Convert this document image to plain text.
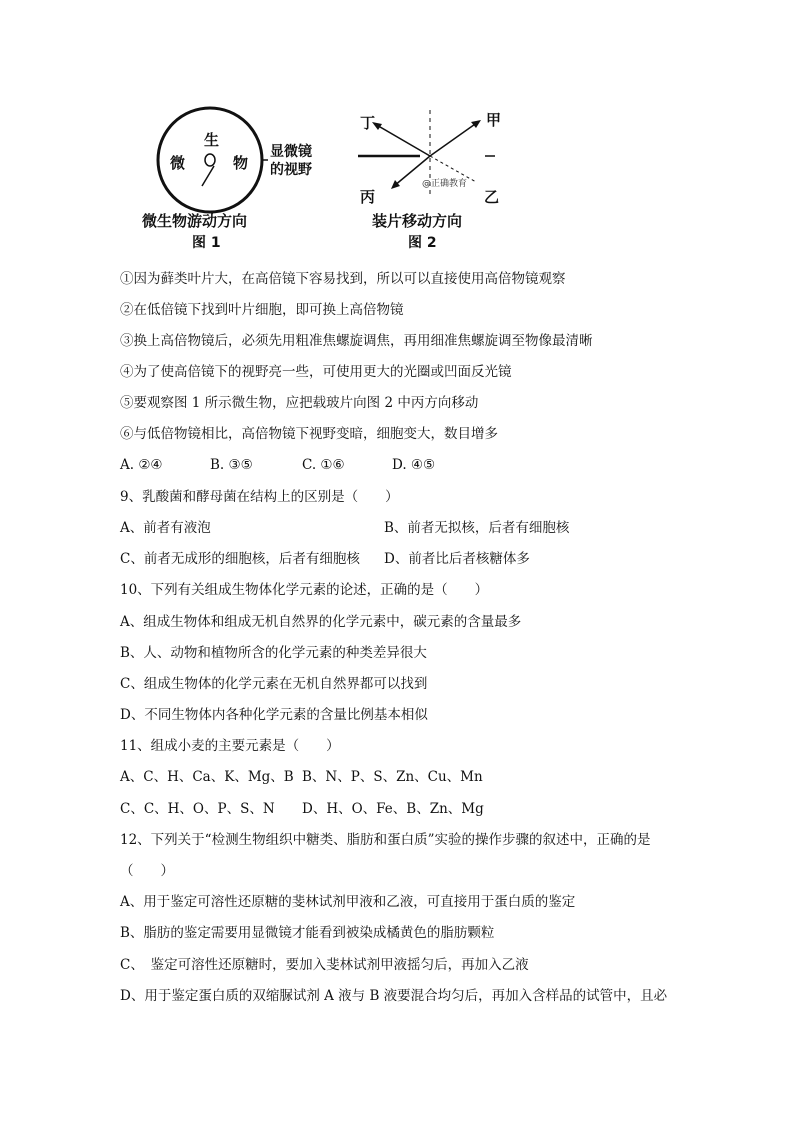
生
微	物
显微镜
的视野
微生物游动方向
图 1
丁	甲
丙	乙
@正确教育
装片移动方向
图 2
①因为藓类叶片大，在高倍镜下容易找到，所以可以直接使用高倍物镜观察
②在低倍镜下找到叶片细胞，即可换上高倍物镜
③换上高倍物镜后，必须先用粗准焦螺旋调焦，再用细准焦螺旋调至物像最清晰
④为了使高倍镜下的视野亮一些，可使用更大的光圈或凹面反光镜
⑤要观察图 1 所示微生物，应把载玻片向图 2 中丙方向移动
⑥与低倍物镜相比，高倍物镜下视野变暗，细胞变大，数目增多
A. ②④	B. ③⑤	C. ①⑥	D. ④⑤
9、乳酸菌和酵母菌在结构上的区别是（　　）
A、前者有液泡	B、前者无拟核，后者有细胞核
C、前者无成形的细胞核，后者有细胞核 D、前者比后者核糖体多
10、下列有关组成生物体化学元素的论述，正确的是（　　）
A、组成生物体和组成无机自然界的化学元素中，碳元素的含量最多
B、人、动物和植物所含的化学元素的种类差异很大
C、组成生物体的化学元素在无机自然界都可以找到
D、不同生物体内各种化学元素的含量比例基本相似
11、组成小麦的主要元素是（　　）
A、C、H、Ca、K、Mg、B B、N、P、S、Zn、Cu、Mn
C、C、H、O、P、S、N D、H、O、Fe、B、Zn、Mg
12、下列关于“检测生物组织中糖类、脂肪和蛋白质”实验的操作步骤的叙述中，正确的是
（　　）
A、用于鉴定可溶性还原糖的斐林试剂甲液和乙液，可直接用于蛋白质的鉴定
B、脂肪的鉴定需要用显微镜才能看到被染成橘黄色的脂肪颗粒
C、　鉴定可溶性还原糖时，要加入斐林试剂甲液摇匀后，再加入乙液
D、用于鉴定蛋白质的双缩脲试剂 A 液与 B 液要混合均匀后，再加入含样品的试管中，且必
